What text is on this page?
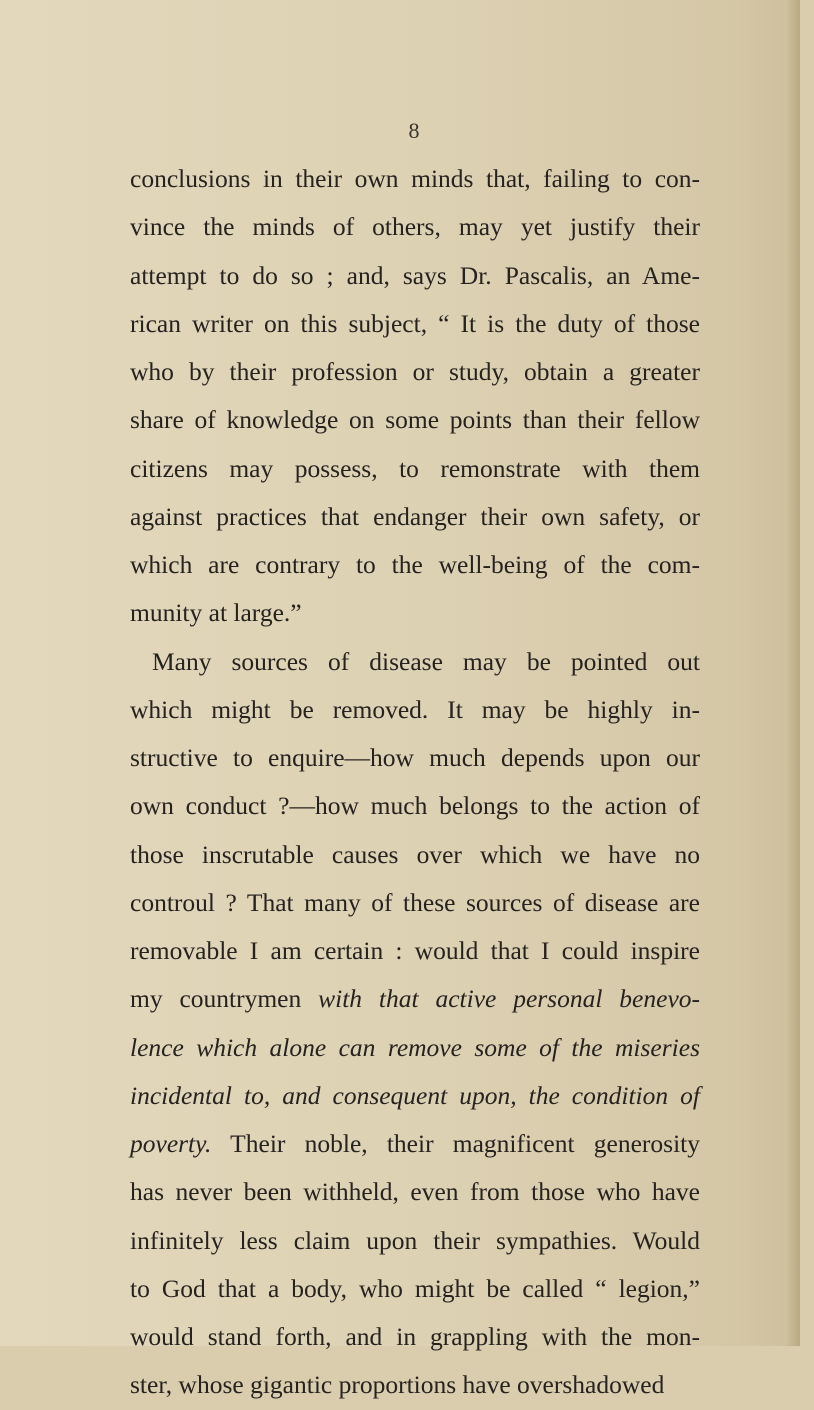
8
conclusions in their own minds that, failing to con-
vince the minds of others, may yet justify their
attempt to do so ; and, says Dr. Pascalis, an Ame-
rican writer on this subject, “ It is the duty of those
who by their profession or study, obtain a greater
share of knowledge on some points than their fellow
citizens may possess, to remonstrate with them
against practices that endanger their own safety, or
which are contrary to the well-being of the com-
munity at large.”
Many sources of disease may be pointed out
which might be removed. It may be highly in-
structive to enquire—how much depends upon our
own conduct ?—how much belongs to the action of
those inscrutable causes over which we have no
controul ? That many of these sources of disease are
removable I am certain : would that I could inspire
my countrymen with that active personal benevo-
lence which alone can remove some of the miseries
incidental to, and consequent upon, the condition of
poverty. Their noble, their magnificent generosity
has never been withheld, even from those who have
infinitely less claim upon their sympathies. Would
to God that a body, who might be called “ legion,”
would stand forth, and in grappling with the mon-
ster, whose gigantic proportions have overshadowed
